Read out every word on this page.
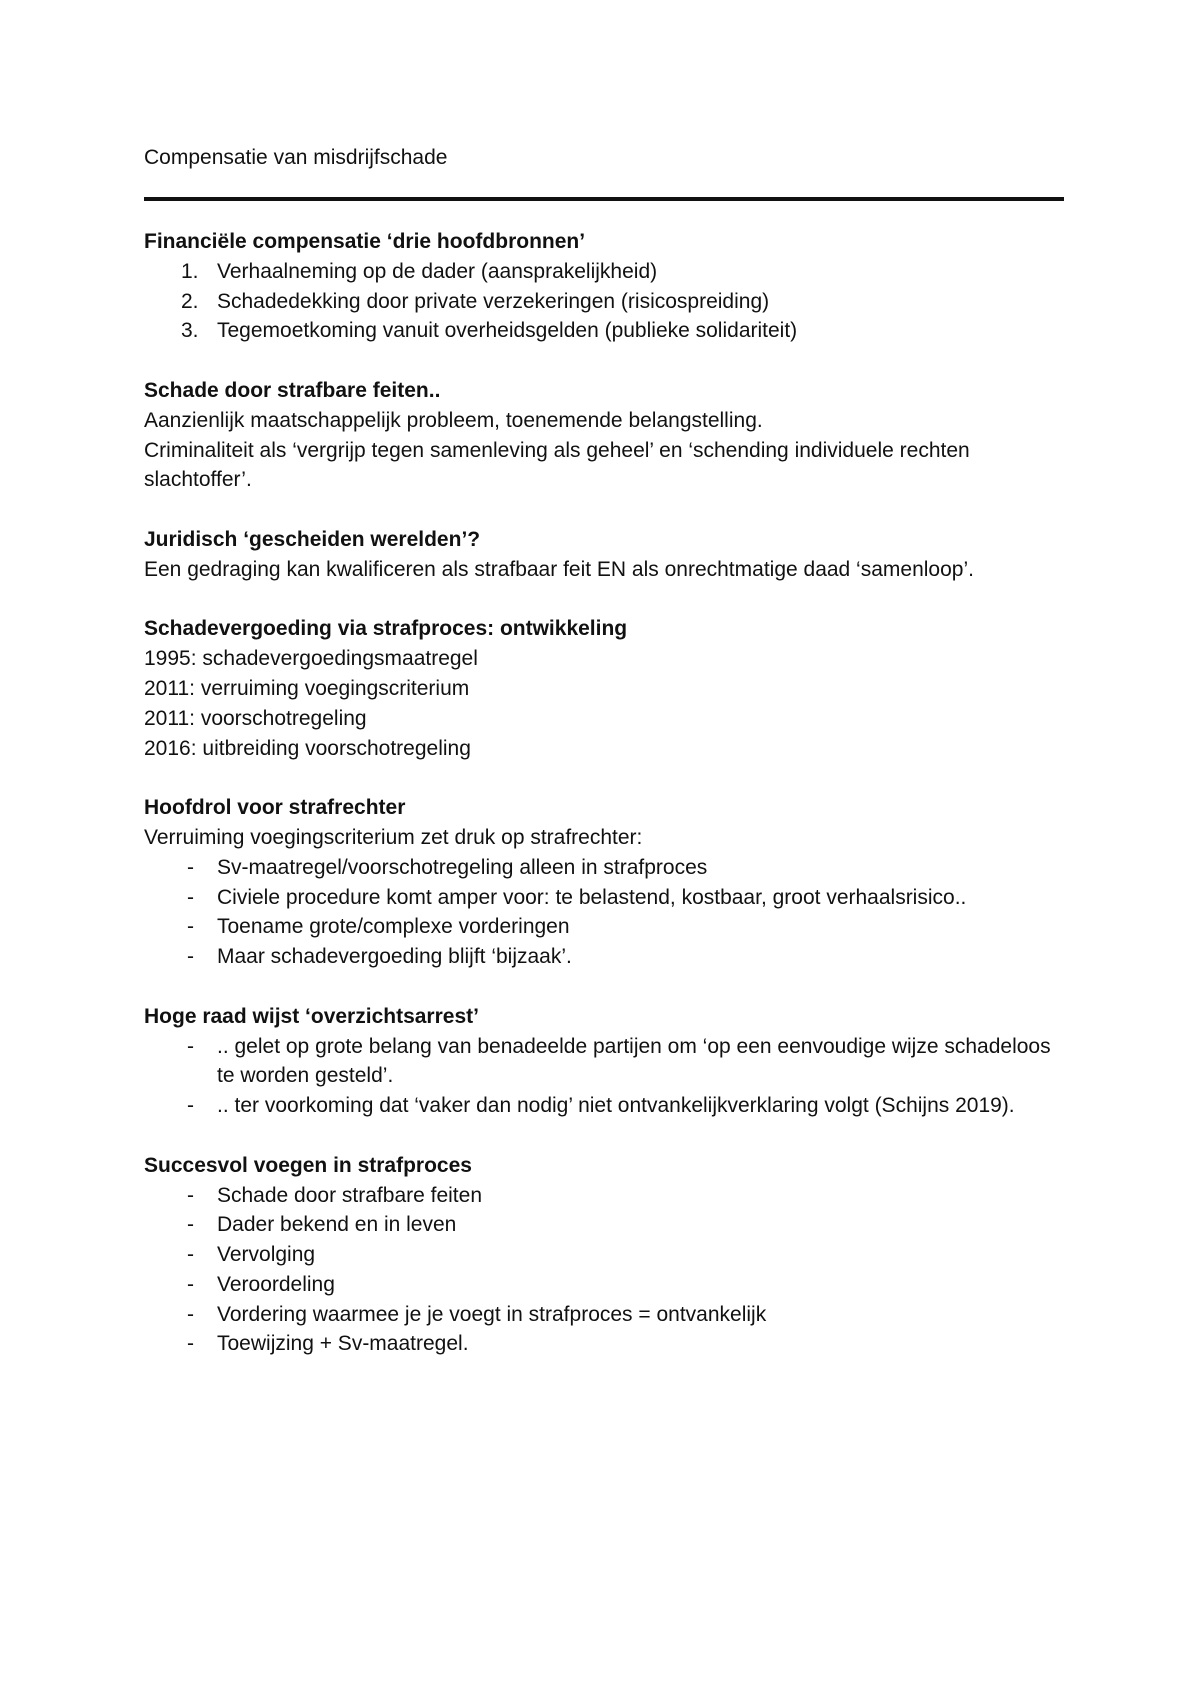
Compensatie van misdrijfschade

Financiële compensatie ‘drie hoofdbronnen’

1. Verhaalneming op de dader (aansprakelijkheid)
2. Schadedekking door private verzekeringen (risicospreiding)
3. Tegemoetkoming vanuit overheidsgelden (publieke solidariteit)

Schade door strafbare feiten..

Aanzienlijk maatschappelijk probleem, toenemende belangstelling.

Criminaliteit als ‘vergrijp tegen samenleving als geheel’ en ‘schending individuele rechten slachtoffer’.

Juridisch ‘gescheiden werelden’?

Een gedraging kan kwalificeren als strafbaar feit EN als onrechtmatige daad ‘samenloop’.

Schadevergoeding via strafproces: ontwikkeling

1995: schadevergoedingsmaatregel

2011: verruiming voegingscriterium

2011: voorschotregeling

2016: uitbreiding voorschotregeling

Hoofdrol voor strafrechter

Verruiming voegingscriterium zet druk op strafrechter:

-	Sv-maatregel/voorschotregeling alleen in strafproces
-	Civiele procedure komt amper voor: te belastend, kostbaar, groot verhaalsrisico..
-	Toename grote/complexe vorderingen
-	Maar schadevergoeding blijft ‘bijzaak’.

Hoge raad wijst ‘overzichtsarrest’

-	.. gelet op grote belang van benadeelde partijen om ‘op een eenvoudige wijze schadeloos te worden gesteld’.
-	.. ter voorkoming dat ‘vaker dan nodig’ niet ontvankelijkverklaring volgt (Schijns 2019).

Succesvol voegen in strafproces

-	Schade door strafbare feiten
-	Dader bekend en in leven
-	Vervolging
-	Veroordeling
-	Vordering waarmee je je voegt in strafproces = ontvankelijk
-	Toewijzing + Sv-maatregel.
